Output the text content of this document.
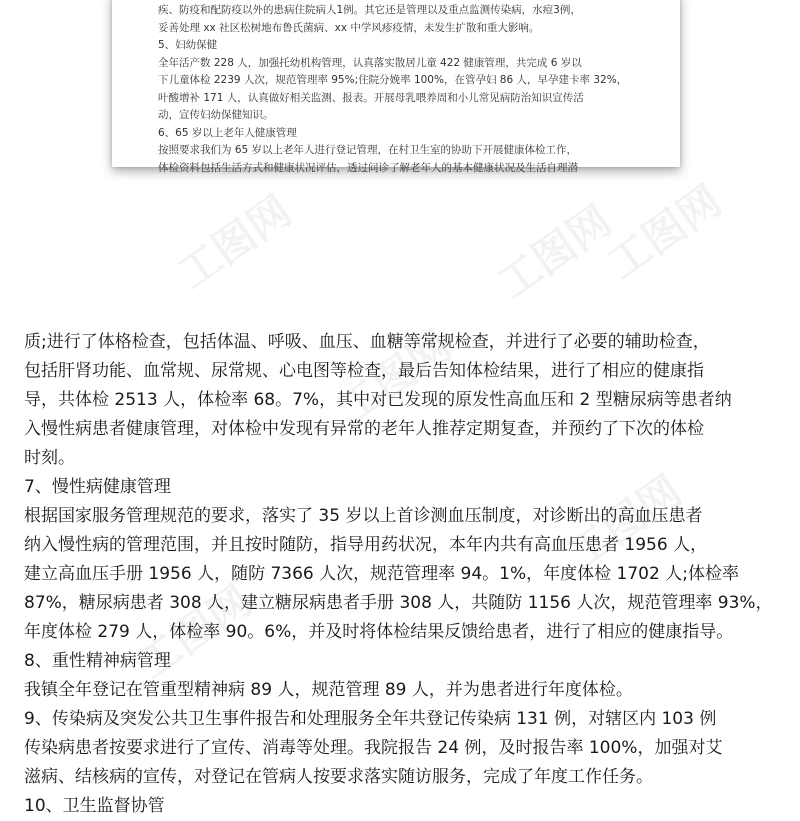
工图网
工图网	工图网
工图网
工图网
工图网
疾、防疫和配防疫以外的患病住院病人1例。其它还是管理以及重点监测传染病，水痘3例，
妥善处理 xx 社区松树地布鲁氏菌病、xx 中学风疹疫情，未发生扩散和重大影响。
5、妇幼保健
全年活产数 228 人，加强托幼机构管理，认真落实散居儿童 422 健康管理，共完成 6 岁以
下儿童体检 2239 人次，规范管理率 95%;住院分娩率 100%，在管孕妇 86 人，早孕建卡率 32%，
叶酸增补 171 人，认真做好相关监测、报表。开展母乳喂养周和小儿常见病防治知识宣传活
动，宣传妇幼保健知识。
6、65 岁以上老年人健康管理
按照要求我们为 65 岁以上老年人进行登记管理，在村卫生室的协助下开展健康体检工作，
体检资料包括生活方式和健康状况评估，透过问诊了解老年人的基本健康状况及生活自理潜
质;进行了体格检查，包括体温、呼吸、血压、血糖等常规检查，并进行了必要的辅助检查，
包括肝肾功能、血常规、尿常规、心电图等检查，最后告知体检结果，进行了相应的健康指
导，共体检 2513 人，体检率 68。7%，其中对已发现的原发性高血压和 2 型糖尿病等患者纳
入慢性病患者健康管理，对体检中发现有异常的老年人推荐定期复查，并预约了下次的体检
时刻。
7、慢性病健康管理
根据国家服务管理规范的要求，落实了 35 岁以上首诊测血压制度，对诊断出的高血压患者
纳入慢性病的管理范围，并且按时随防，指导用药状况，本年内共有高血压患者 1956 人，
建立高血压手册 1956 人，随防 7366 人次，规范管理率 94。1%，年度体检 1702 人;体检率
87%，糖尿病患者 308 人，建立糖尿病患者手册 308 人，共随防 1156 人次，规范管理率 93%，
年度体检 279 人，体检率 90。6%，并及时将体检结果反馈给患者，进行了相应的健康指导。
8、重性精神病管理
我镇全年登记在管重型精神病 89 人，规范管理 89 人，并为患者进行年度体检。
9、传染病及突发公共卫生事件报告和处理服务全年共登记传染病 131 例，对辖区内 103 例
传染病患者按要求进行了宣传、消毒等处理。我院报告 24 例，及时报告率 100%，加强对艾
滋病、结核病的宣传，对登记在管病人按要求落实随访服务，完成了年度工作任务。
10、卫生监督协管
